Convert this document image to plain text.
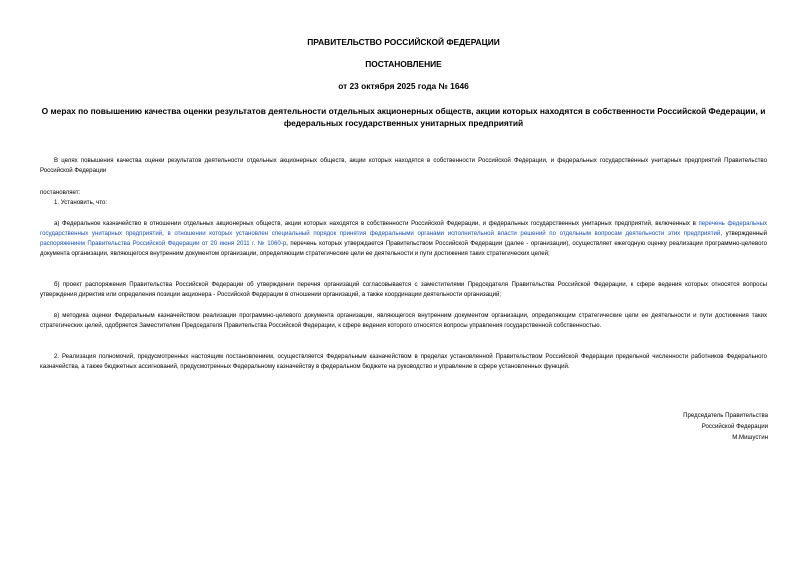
ПРАВИТЕЛЬСТВО РОССИЙСКОЙ ФЕДЕРАЦИИ
ПОСТАНОВЛЕНИЕ
от 23 октября 2025 года № 1646
О мерах по повышению качества оценки результатов деятельности отдельных акционерных обществ, акции которых находятся в собственности Российской Федерации, и федеральных государственных унитарных предприятий
В целях повышения качества оценки результатов деятельности отдельных акционерных обществ, акции которых находятся в собственности Российской Федерации, и федеральных государственных унитарных предприятий Правительство Российской Федерации
постановляет:
1. Установить, что:
а) Федеральное казначейство в отношении отдельных акционерных обществ, акции которых находятся в собственности Российской Федерации, и федеральных государственных унитарных предприятий, включенных в перечень федеральных государственных унитарных предприятий, в отношении которых установлен специальный порядок принятия федеральными органами исполнительной власти решений по отдельным вопросам деятельности этих предприятий, утвержденный распоряжением Правительства Российской Федерации от 20 июня 2011 г. № 1060-р, перечень которых утверждается Правительством Российской Федерации (далее - организации), осуществляет ежегодную оценку реализации программно-целевого документа организации, являющегося внутренним документом организации, определяющим стратегические цели ее деятельности и пути достижения таких стратегических целей;
б) проект распоряжения Правительства Российской Федерации об утверждении перечня организаций согласовывается с заместителями Председателя Правительства Российской Федерации, к сфере ведения которых относятся вопросы утверждения директив или определения позиции акционера - Российской Федерации в отношении организаций, а также координации деятельности организаций;
в) методика оценки Федеральным казначейством реализации программно-целевого документа организации, являющегося внутренним документом организации, определяющим стратегические цели ее деятельности и пути достижения таких стратегических целей, одобряется Заместителем Председателя Правительства Российской Федерации, к сфере ведения которого относятся вопросы управления государственной собственностью.
2. Реализация полномочий, предусмотренных настоящим постановлением, осуществляется Федеральным казначейством в пределах установленной Правительством Российской Федерации предельной численности работников Федерального казначейства, а также бюджетных ассигнований, предусмотренных Федеральному казначейству в федеральном бюджете на руководство и управление в сфере установленных функций.
Председатель Правительства
Российской Федерации
М.Мишустин
